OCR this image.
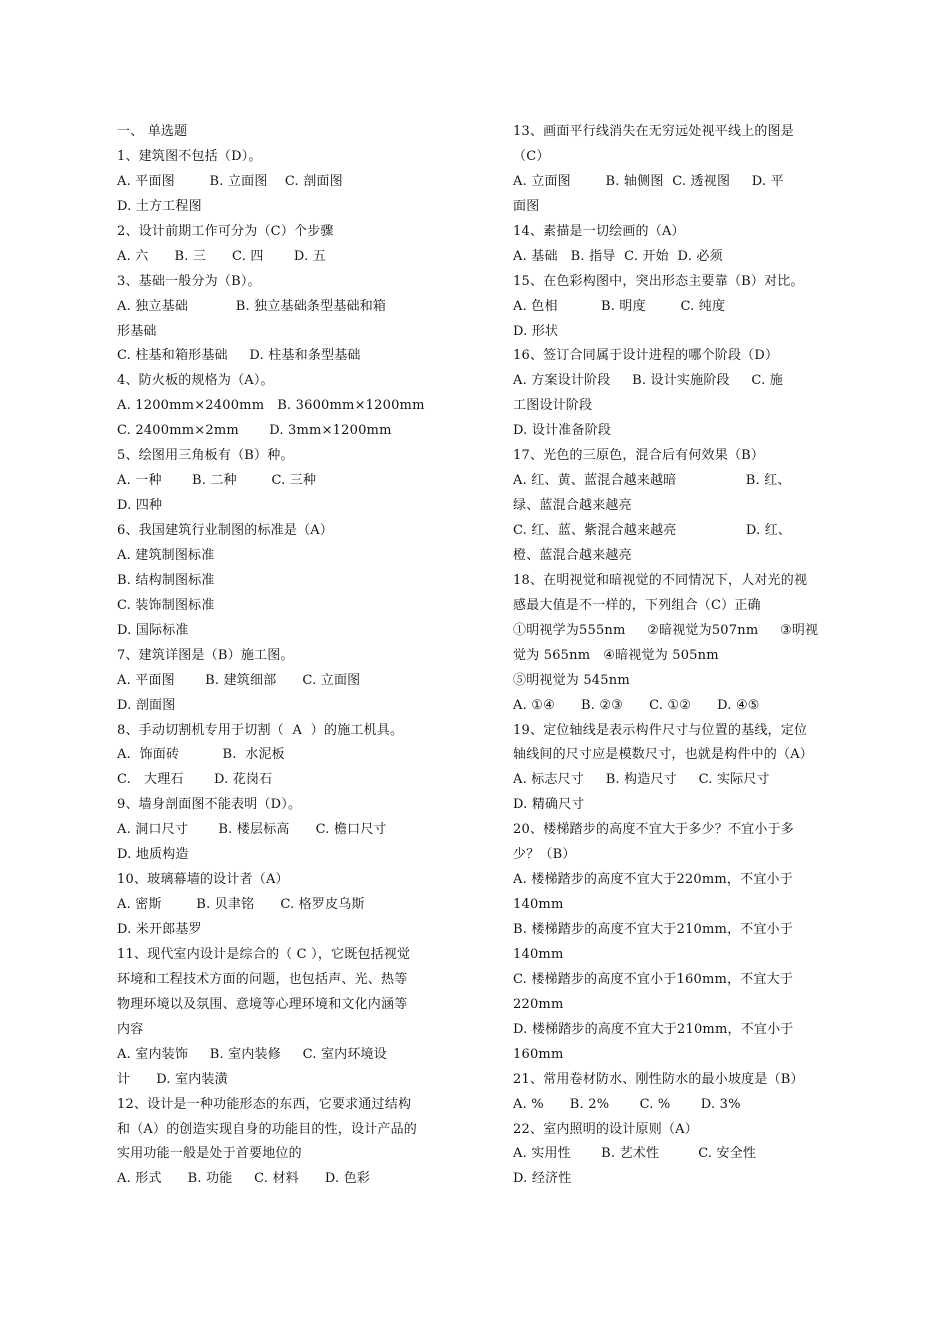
一、 单选题
1、建筑图不包括（D）。
A. 平面图        B. 立面图    C. 剖面图
D. 土方工程图
2、设计前期工作可分为（C）个步骤
A. 六      B. 三      C. 四       D. 五
3、基础一般分为（B）。
A. 独立基础           B. 独立基础条型基础和箱
形基础
C. 柱基和箱形基础     D. 柱基和条型基础
4、防火板的规格为（A）。
A. 1200mm×2400mm   B. 3600mm×1200mm
C. 2400mm×2mm       D. 3mm×1200mm
5、绘图用三角板有（B）种。
A. 一种       B. 二种        C. 三种
D. 四种
6、我国建筑行业制图的标准是（A）
A. 建筑制图标准
B. 结构制图标准
C. 装饰制图标准
D. 国际标准
7、建筑详图是（B）施工图。
A. 平面图       B. 建筑细部      C. 立面图
D. 剖面图
8、手动切割机专用于切割（  A  ）的施工机具。
A.  饰面砖          B.  水泥板
C.   大理石       D. 花岗石
9、墙身剖面图不能表明（D）。
A. 洞口尺寸       B. 楼层标高      C. 檐口尺寸
D. 地质构造
10、玻璃幕墙的设计者（A）
A. 密斯        B. 贝聿铭      C. 格罗皮乌斯
D. 米开郎基罗
11、现代室内设计是综合的（ C ），它既包括视觉
环境和工程技术方面的问题，也包括声、光、热等
物理环境以及氛围、意境等心理环境和文化内涵等
内容
A. 室内装饰     B. 室内装修     C. 室内环境设
计      D. 室内装潢
12、设计是一种功能形态的东西，它要求通过结构
和（A）的创造实现自身的功能目的性，设计产品的
实用功能一般是处于首要地位的
A. 形式      B. 功能     C. 材料      D. 色彩
13、画面平行线消失在无穷远处视平线上的图是
（C）
A. 立面图        B. 轴侧图  C. 透视图     D. 平
面图
14、素描是一切绘画的（A）
A. 基础   B. 指导  C. 开始  D. 必须
15、在色彩构图中，突出形态主要靠（B）对比。
A. 色相          B. 明度        C. 纯度
D. 形状
16、签订合同属于设计进程的哪个阶段（D）
A. 方案设计阶段     B. 设计实施阶段     C. 施
工图设计阶段
D. 设计准备阶段
17、光色的三原色，混合后有何效果（B）
A. 红、黄、蓝混合越来越暗                B. 红、
绿、蓝混合越来越亮
C. 红、蓝、紫混合越来越亮                D. 红、
橙、蓝混合越来越亮
18、在明视觉和暗视觉的不同情况下，人对光的视
感最大值是不一样的，下列组合（C）正确
①明视学为555nm     ②暗视觉为507nm     ③明视
觉为 565nm   ④暗视觉为 505nm
⑤明视觉为 545nm
A. ①④      B. ②③      C. ①②      D. ④⑤
19、定位轴线是表示构件尺寸与位置的基线，定位
轴线间的尺寸应是模数尺寸，也就是构件中的（A）
A. 标志尺寸     B. 构造尺寸     C. 实际尺寸
D. 精确尺寸
20、楼梯踏步的高度不宜大于多少？不宜小于多
少？（B）
A. 楼梯踏步的高度不宜大于220mm，不宜小于
140mm
B. 楼梯踏步的高度不宜大于210mm，不宜小于
140mm
C. 楼梯踏步的高度不宜小于160mm，不宜大于
220mm
D. 楼梯踏步的高度不宜大于210mm，不宜小于
160mm
21、常用卷材防水、刚性防水的最小坡度是（B）
A. %      B. 2%       C. %       D. 3%
22、室内照明的设计原则（A）
A. 实用性       B. 艺术性         C. 安全性
D. 经济性
